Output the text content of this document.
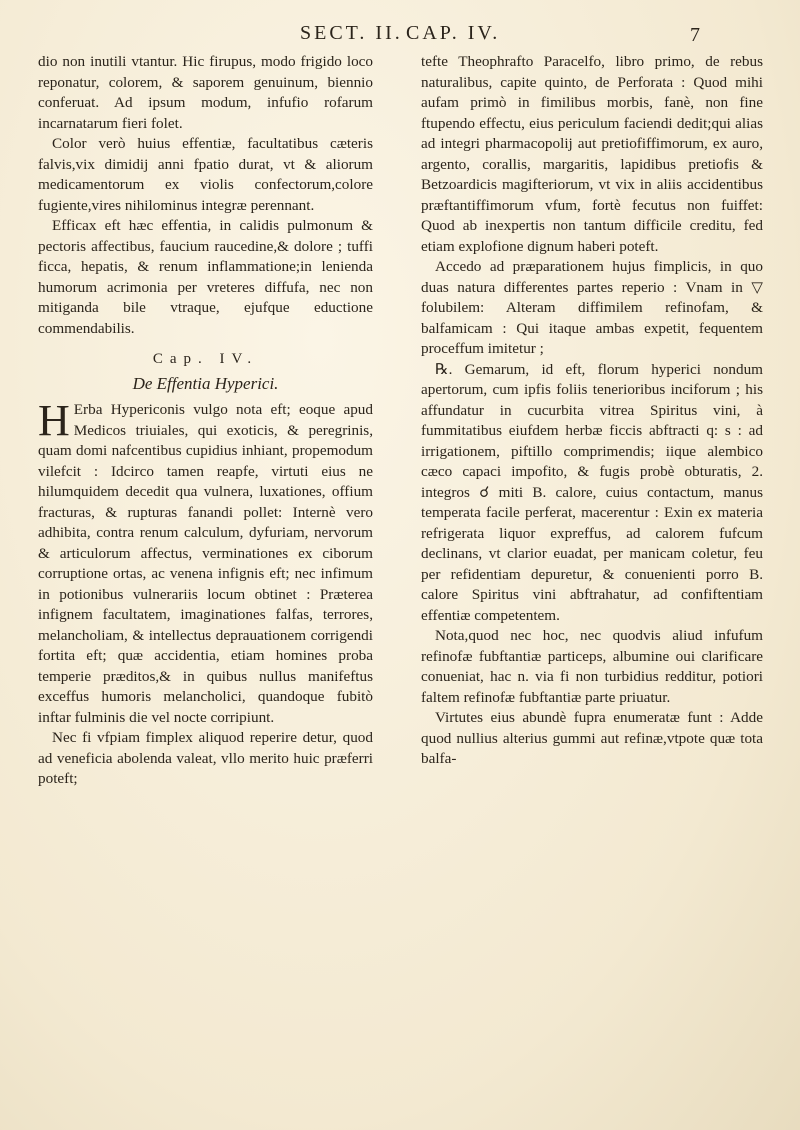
SECT. II. CAP. IV.	7

dio non inutili vtantur. Hic firupus, modo frigido loco reponatur, colorem, & saporem genuinum, biennio conferuat. Ad ipsum modum, infufio rofarum incarnatarum fieri folet.

Color verò huius effentiæ, facultatibus cæteris falvis,vix dimidij anni fpatio durat, vt & aliorum medicamentorum ex violis confectorum,colore fugiente,vires nihilominus integræ perennant.

Efficax eft hæc effentia, in calidis pulmonum & pectoris affectibus, faucium raucedine,& dolore ; tuffi ficca, hepatis, & renum inflammatione;in lenienda humorum acrimonia per vreteres diffufa, nec non mitiganda bile vtraque, ejufque eductione commendabilis.

Cap. IV.
De Effentia Hyperici.

H Erba Hypericonis vulgo nota eft; eoque apud Medicos triuiales, qui exoticis, & peregrinis, quam domi nafcentibus cupidius inhiant, propemodum vilefcit : Idcirco tamen reapfe, virtuti eius ne hilumquidem decedit qua vulnera, luxationes, offium fracturas, & rupturas fanandi pollet: Internè vero adhibita, contra renum calculum, dyfuriam, nervorum & articulorum affectus, verminationes ex ciborum corruptione ortas, ac venena infignis eft; nec infimum in potionibus vulnerariis locum obtinet : Præterea infignem facultatem, imaginationes falfas, terrores, melancholiam, & intellectus deprauationem corrigendi fortita eft; quæ accidentia, etiam homines proba temperie præditos,& in quibus nullus manifeftus exceffus humoris melancholici, quandoque fubitò inftar fulminis die vel nocte corripiunt.

Nec fi vfpiam fimplex aliquod reperire detur, quod ad veneficia abolenda valeat, vllo merito huic præferri poteft;

tefte Theophrafto Paracelfo, libro primo, de rebus naturalibus, capite quinto, de Perforata : Quod mihi aufam primò in fimilibus morbis, fanè, non fine ftupendo effectu, eius periculum faciendi dedit;qui alias ad integri pharmacopolij aut pretiofiffimorum, ex auro, argento, corallis, margaritis, lapidibus pretiofis & Betzoardicis magifteriorum, vt vix in aliis accidentibus præftantiffimorum vfum, fortè fecutus non fuiffet: Quod ab inexpertis non tantum difficile creditu, fed etiam explofione dignum haberi poteft.

Accedo ad præparationem hujus fimplicis, in quo duas natura differentes partes reperio : Vnam in ▽ folubilem: Alteram diffimilem refinofam, & balfamicam : Qui itaque ambas expetit, fequentem proceffum imitetur ;

℞. Gemarum, id eft, florum hyperici nondum apertorum, cum ipfis foliis tenerioribus inciforum ; his affundatur in cucurbita vitrea Spiritus vini, à fummitatibus eiufdem herbæ ficcis abftracti q: s : ad irrigationem, piftillo comprimendis; iique alembico cæco capaci impofito, & fugis probè obturatis, 2. integros ☌ miti B. calore, cuius contactum, manus temperata facile perferat, macerentur : Exin ex materia refrigerata liquor expreffus, ad calorem fufcum declinans, vt clarior euadat, per manicam coletur, feu per refidentiam depuretur, & conuenienti porro B. calore Spiritus vini abftrahatur, ad confiftentiam effentiæ competentem.

Nota,quod nec hoc, nec quodvis aliud infufum refinofæ fubftantiæ particeps, albumine oui clarificare conueniat, hac n. via fi non turbidius redditur, potiori faltem refinofæ fubftantiæ parte priuatur.

Virtutes eius abundè fupra enumeratæ funt : Adde quod nullius alterius gummi aut refinæ,vtpote quæ tota balfa-
